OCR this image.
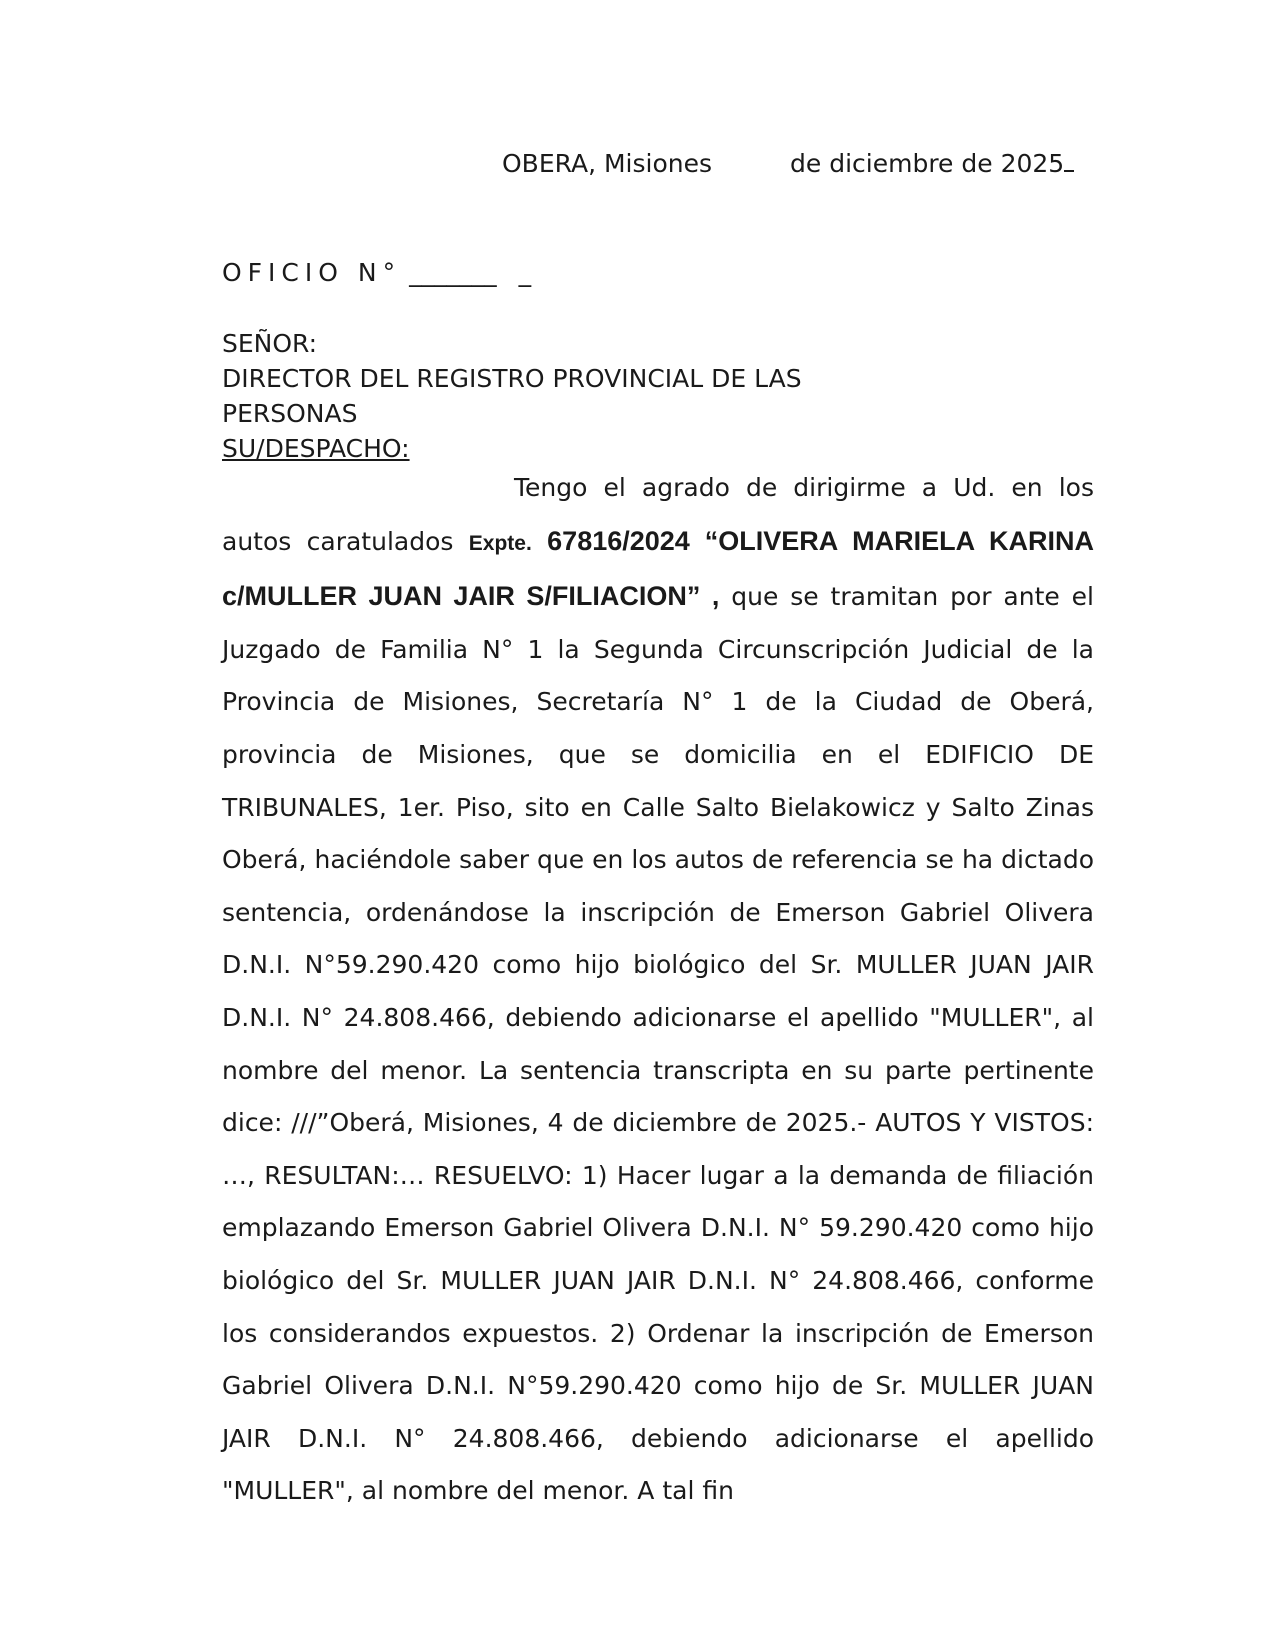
OBERA, Misiones	de diciembre de 2025
OFICIO N° _______ _
SEÑOR:
DIRECTOR DEL REGISTRO PROVINCIAL DE LAS
PERSONAS
SU/DESPACHO:
Tengo el agrado de dirigirme a Ud. en los autos caratulados Expte. 67816/2024 “OLIVERA MARIELA KARINA c/MULLER JUAN JAIR S/FILIACION” , que se tramitan por ante el Juzgado de Familia N° 1 la Segunda Circunscripción Judicial de la Provincia de Misiones, Secretaría N° 1 de la Ciudad de Oberá, provincia de Misiones, que se domicilia en el EDIFICIO DE TRIBUNALES, 1er. Piso, sito en Calle Salto Bielakowicz y Salto Zinas Oberá, haciéndole saber que en los autos de referencia se ha dictado sentencia, ordenándose la inscripción de Emerson Gabriel Olivera D.N.I. N°59.290.420 como hijo biológico del Sr. MULLER JUAN JAIR D.N.I. N° 24.808.466, debiendo adicionarse el apellido "MULLER", al nombre del menor. La sentencia transcripta en su parte pertinente dice: ///”Oberá, Misiones, 4 de diciembre de 2025.- AUTOS Y VISTOS: …, RESULTAN:… RESUELVO: 1) Hacer lugar a la demanda de filiación emplazando Emerson Gabriel Olivera D.N.I. N° 59.290.420 como hijo biológico del Sr. MULLER JUAN JAIR D.N.I. N° 24.808.466, conforme los considerandos expuestos. 2) Ordenar la inscripción de Emerson Gabriel Olivera D.N.I. N°59.290.420 como hijo de Sr. MULLER JUAN JAIR D.N.I. N° 24.808.466, debiendo adicionarse el apellido "MULLER", al nombre del menor. A tal fin
